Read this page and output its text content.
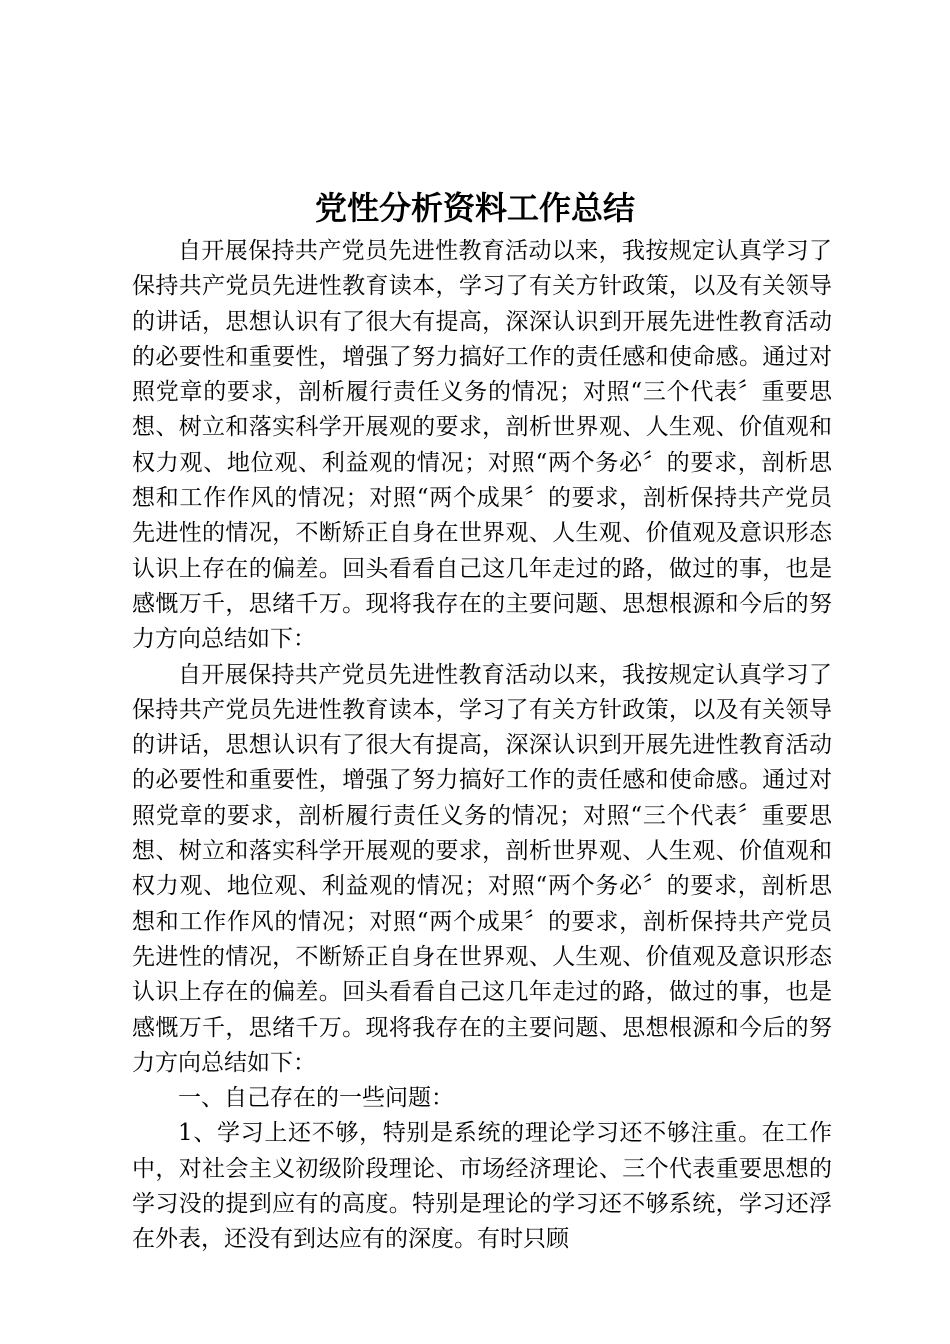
党性分析资料工作总结

自开展保持共产党员先进性教育活动以来，我按规定认真学习了保持共产党员先进性教育读本，学习了有关方针政策，以及有关领导的讲话，思想认识有了很大有提高，深深认识到开展先进性教育活动的必要性和重要性，增强了努力搞好工作的责任感和使命感。通过对照党章的要求，剖析履行责任义务的情况；对照“三个代表〞重要思想、树立和落实科学开展观的要求，剖析世界观、人生观、价值观和权力观、地位观、利益观的情况；对照“两个务必〞的要求，剖析思想和工作作风的情况；对照“两个成果〞的要求，剖析保持共产党员先进性的情况，不断矫正自身在世界观、人生观、价值观及意识形态认识上存在的偏差。回头看看自己这几年走过的路，做过的事，也是感慨万千，思绪千万。现将我存在的主要问题、思想根源和今后的努力方向总结如下：

自开展保持共产党员先进性教育活动以来，我按规定认真学习了保持共产党员先进性教育读本，学习了有关方针政策，以及有关领导的讲话，思想认识有了很大有提高，深深认识到开展先进性教育活动的必要性和重要性，增强了努力搞好工作的责任感和使命感。通过对照党章的要求，剖析履行责任义务的情况；对照“三个代表〞重要思想、树立和落实科学开展观的要求，剖析世界观、人生观、价值观和权力观、地位观、利益观的情况；对照“两个务必〞的要求，剖析思想和工作作风的情况；对照“两个成果〞的要求，剖析保持共产党员先进性的情况，不断矫正自身在世界观、人生观、价值观及意识形态认识上存在的偏差。回头看看自己这几年走过的路，做过的事，也是感慨万千，思绪千万。现将我存在的主要问题、思想根源和今后的努力方向总结如下：

一、自己存在的一些问题：

1、学习上还不够，特别是系统的理论学习还不够注重。在工作中，对社会主义初级阶段理论、市场经济理论、三个代表重要思想的学习没的提到应有的高度。特别是理论的学习还不够系统，学习还浮在外表，还没有到达应有的深度。有时只顾
